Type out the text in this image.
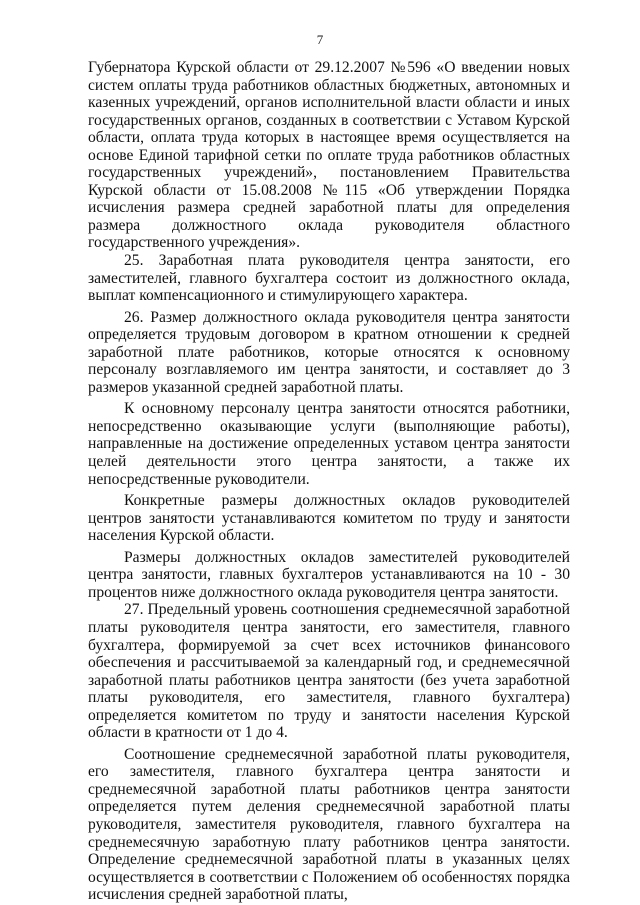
7

Губернатора Курской области от 29.12.2007 №596 «О введении новых систем оплаты труда работников областных бюджетных, автономных и казенных учреждений, органов исполнительной власти области и иных государственных органов, созданных в соответствии с Уставом Курской области, оплата труда которых в настоящее время осуществляется на основе Единой тарифной сетки по оплате труда работников областных государственных учреждений», постановлением Правительства Курской области от 15.08.2008 №115 «Об утверждении Порядка исчисления размера средней заработной платы для определения размера должностного оклада руководителя областного государственного учреждения».

25. Заработная плата руководителя центра занятости, его заместителей, главного бухгалтера состоит из должностного оклада, выплат компенсационного и стимулирующего характера.

26. Размер должностного оклада руководителя центра занятости определяется трудовым договором в кратном отношении к средней заработной плате работников, которые относятся к основному персоналу возглавляемого им центра занятости, и составляет до 3 размеров указанной средней заработной платы.

К основному персоналу центра занятости относятся работники, непосредственно оказывающие услуги (выполняющие работы), направленные на достижение определенных уставом центра занятости целей деятельности этого центра занятости, а также их непосредственные руководители.

Конкретные размеры должностных окладов руководителей центров занятости устанавливаются комитетом по труду и занятости населения Курской области.

Размеры должностных окладов заместителей руководителей центра занятости, главных бухгалтеров устанавливаются на 10 - 30 процентов ниже должностного оклада руководителя центра занятости.

27. Предельный уровень соотношения среднемесячной заработной платы руководителя центра занятости, его заместителя, главного бухгалтера, формируемой за счет всех источников финансового обеспечения и рассчитываемой за календарный год, и среднемесячной заработной платы работников центра занятости (без учета заработной платы руководителя, его заместителя, главного бухгалтера) определяется комитетом по труду и занятости населения Курской области в кратности от 1 до 4.

Соотношение среднемесячной заработной платы руководителя, его заместителя, главного бухгалтера центра занятости и среднемесячной заработной платы работников центра занятости определяется путем деления среднемесячной заработной платы руководителя, заместителя руководителя, главного бухгалтера на среднемесячную заработную плату работников центра занятости. Определение среднемесячной заработной платы в указанных целях осуществляется в соответствии с Положением об особенностях порядка исчисления средней заработной платы,
